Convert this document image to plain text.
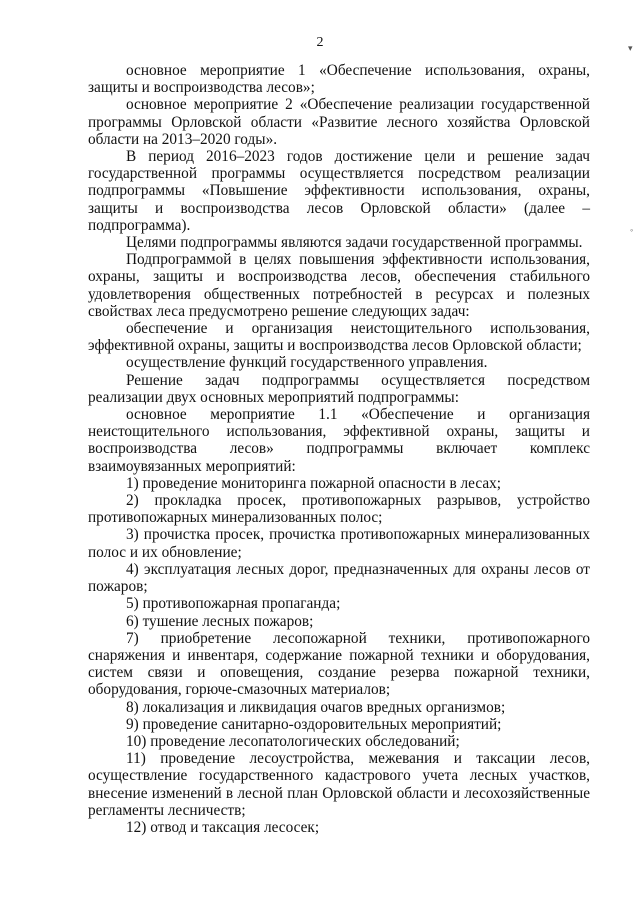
2	▾
◦

основное мероприятие 1 «Обеспечение использования, охраны, защиты и воспроизводства лесов»;

основное мероприятие 2 «Обеспечение реализации государственной программы Орловской области «Развитие лесного хозяйства Орловской области на 2013–2020 годы».

В период 2016–2023 годов достижение цели и решение задач государственной программы осуществляется посредством реализации подпрограммы «Повышение эффективности использования, охраны, защиты и воспроизводства лесов Орловской области» (далее – подпрограмма).

Целями подпрограммы являются задачи государственной программы.

Подпрограммой в целях повышения эффективности использования, охраны, защиты и воспроизводства лесов, обеспечения стабильного удовлетворения общественных потребностей в ресурсах и полезных свойствах леса предусмотрено решение следующих задач:

обеспечение и организация неистощительного использования, эффективной охраны, защиты и воспроизводства лесов Орловской области;

осуществление функций государственного управления.

Решение задач подпрограммы осуществляется посредством реализации двух основных мероприятий подпрограммы:

основное мероприятие 1.1 «Обеспечение и организация неистощительного использования, эффективной охраны, защиты и воспроизводства лесов» подпрограммы включает комплекс взаимоувязанных мероприятий:

1) проведение мониторинга пожарной опасности в лесах;

2) прокладка просек, противопожарных разрывов, устройство противопожарных минерализованных полос;

3) прочистка просек, прочистка противопожарных минерализованных полос и их обновление;

4) эксплуатация лесных дорог, предназначенных для охраны лесов от пожаров;

5) противопожарная пропаганда;

6) тушение лесных пожаров;

7) приобретение лесопожарной техники, противопожарного снаряжения и инвентаря, содержание пожарной техники и оборудования, систем связи и оповещения, создание резерва пожарной техники, оборудования, горюче-смазочных материалов;

8) локализация и ликвидация очагов вредных организмов;

9) проведение санитарно-оздоровительных мероприятий;

10) проведение лесопатологических обследований;

11) проведение лесоустройства, межевания и таксации лесов, осуществление государственного кадастрового учета лесных участков, внесение изменений в лесной план Орловской области и лесохозяйственные регламенты лесничеств;

12) отвод и таксация лесосек;
